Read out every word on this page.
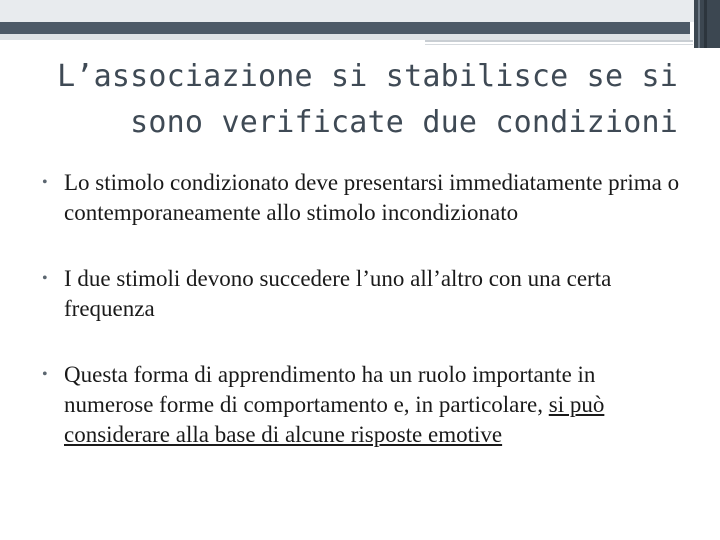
L’associazione si stabilisce se si
sono verificate due condizioni
• Lo stimolo condizionato deve presentarsi immediatamente prima o contemporaneamente allo stimolo incondizionato
• I due stimoli devono succedere l’uno all’altro con una certa frequenza
• Questa forma di apprendimento ha un ruolo importante in numerose forme di comportamento e, in particolare, si può considerare alla base di alcune risposte emotive
